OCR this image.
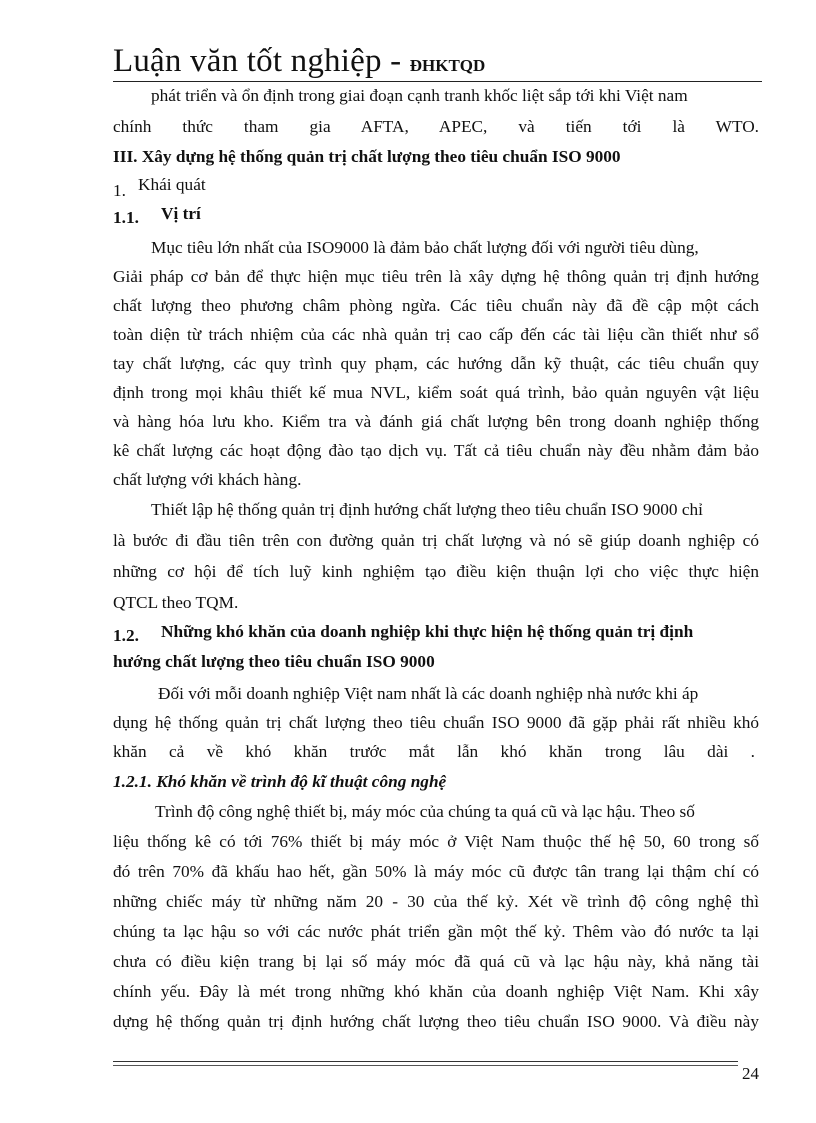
Luận văn tốt nghiệp - ĐHKTQD
phát triển và ổn định trong giai đoạn cạnh tranh khốc liệt sắp tới khi Việt nam
chính thức tham gia AFTA, APEC, và tiến tới là WTO.
III. Xây dựng hệ thống quản trị chất lượng theo tiêu chuẩn ISO 9000
1. Khái quát
1.1.	Vị trí
Mục tiêu lớn nhất của ISO9000 là đảm bảo chất lượng đối với người tiêu dùng,
Giải pháp cơ bản để thực hiện mục tiêu trên là xây dựng hệ thông quản trị định hướng
chất lượng theo phương châm phòng ngừa. Các tiêu chuẩn này đã đề cập một cách
toàn diện từ trách nhiệm của các nhà quản trị cao cấp đến các tài liệu cần thiết như sổ
tay chất lượng, các quy trình quy phạm, các hướng dẫn kỹ thuật, các tiêu chuẩn quy
định trong mọi khâu thiết kế mua NVL, kiểm soát quá trình, bảo quản nguyên vật liệu
và hàng hóa lưu kho. Kiểm tra và đánh giá chất lượng bên trong doanh nghiệp thống
kê chất lượng các hoạt động đào tạo dịch vụ. Tất cả tiêu chuẩn này đều nhằm đảm bảo
chất lượng với khách hàng.
Thiết lập hệ thống quản trị định hướng chất lượng theo tiêu chuẩn ISO 9000 chỉ
là bước đi đầu tiên trên con đường quản trị chất lượng và nó sẽ giúp doanh nghiệp có
những cơ hội để tích luỹ kinh nghiệm tạo điều kiện thuận lợi cho việc thực hiện
QTCL theo TQM.
1.2.	Những khó khăn của doanh nghiệp khi thực hiện hệ thống quản trị định
hướng chất lượng theo tiêu chuẩn ISO 9000
Đối với mỗi doanh nghiệp Việt nam nhất là các doanh nghiệp nhà nước khi áp
dụng hệ thống quản trị chất lượng theo tiêu chuẩn ISO 9000 đã gặp phải rất nhiều khó
khăn cả về khó khăn trước mắt lẫn khó khăn trong lâu dài .
1.2.1. Khó khăn về trình độ kĩ thuật công nghệ
Trình độ công nghệ thiết bị, máy móc của chúng ta quá cũ và lạc hậu. Theo số
liệu thống kê có tới 76% thiết bị máy móc ở Việt Nam thuộc thế hệ 50, 60 trong số
đó trên 70% đã khấu hao hết, gần 50% là máy móc cũ được tân trang lại thậm chí có
những chiếc máy từ những năm 20 - 30 của thế kỷ. Xét về trình độ công nghệ thì
chúng ta lạc hậu so với các nước phát triển gần một thế kỷ. Thêm vào đó nước ta lại
chưa có điều kiện trang bị lại số máy móc đã quá cũ và lạc hậu này, khả năng tài
chính yếu. Đây là mét trong những khó khăn của doanh nghiệp Việt Nam. Khi xây
dựng hệ thống quản trị định hướng chất lượng theo tiêu chuẩn ISO 9000. Và điều này
24
